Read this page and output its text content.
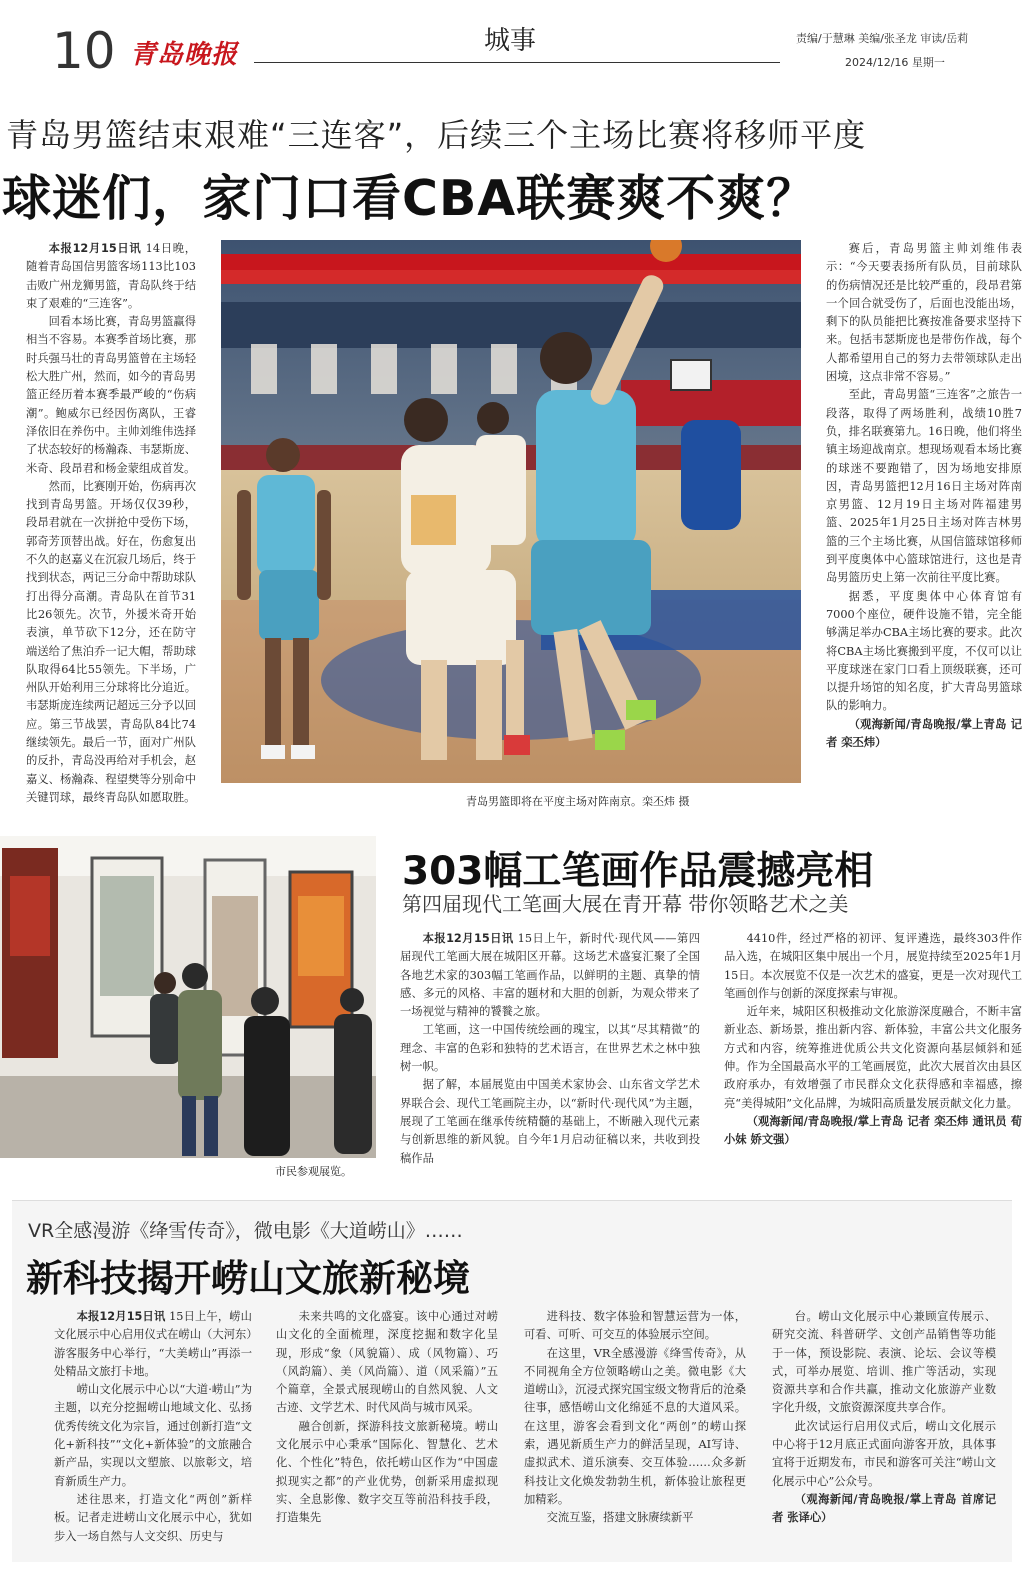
10 青岛晚报	城事	责编/于慧琳 美编/张圣龙 审读/岳莉
2024/12/16 星期一
青岛男篮结束艰难“三连客”，后续三个主场比赛将移师平度
球迷们，家门口看CBA联赛爽不爽？

本报12月15日讯 14日晚，随着青岛国信男篮客场113比103击败广州龙狮男篮，青岛队终于结束了艰难的“三连客”。

回看本场比赛，青岛男篮赢得相当不容易。本赛季首场比赛，那时兵强马壮的青岛男篮曾在主场轻松大胜广州，然而，如今的青岛男篮正经历着本赛季最严峻的“伤病潮”。鲍威尔已经因伤离队，王睿泽依旧在养伤中。主帅刘维伟选择了状态较好的杨瀚森、韦瑟斯庞、米奇、段昂君和杨金蒙组成首发。

然而，比赛刚开始，伤病再次找到青岛男篮。开场仅仅39秒，段昂君就在一次拼抢中受伤下场，郭奇芳顶替出战。好在，伤愈复出不久的赵嘉义在沉寂几场后，终于找到状态，两记三分命中帮助球队打出得分高潮。青岛队在首节31比26领先。次节，外援米奇开始表演，单节砍下12分，还在防守端送给了焦泊乔一记大帽，帮助球队取得64比55领先。下半场，广州队开始利用三分球将比分追近。韦瑟斯庞连续两记超远三分予以回应。第三节战罢，青岛队84比74继续领先。最后一节，面对广州队的反扑，青岛没再给对手机会，赵嘉义、杨瀚森、程望樊等分别命中关键罚球，最终青岛队如愿取胜。	青岛男篮即将在平度主场对阵南京。栾丕炜 摄

赛后，青岛男篮主帅刘维伟表示：“今天要表扬所有队员，目前球队的伤病情况还是比较严重的，段昂君第一个回合就受伤了，后面也没能出场，剩下的队员能把比赛按准备要求坚持下来。包括韦瑟斯庞也是带伤作战，每个人都希望用自己的努力去带领球队走出困境，这点非常不容易。”

至此，青岛男篮“三连客”之旅告一段落，取得了两场胜利，战绩10胜7负，排名联赛第九。16日晚，他们将坐镇主场迎战南京。想现场观看本场比赛的球迷不要跑错了，因为场地安排原因，青岛男篮把12月16日主场对阵南京男篮、12月19日主场对阵福建男篮、2025年1月25日主场对阵吉林男篮的三个主场比赛，从国信篮球馆移师到平度奥体中心篮球馆进行，这也是青岛男篮历史上第一次前往平度比赛。

据悉，平度奥体中心体育馆有7000个座位，硬件设施不错，完全能够满足举办CBA主场比赛的要求。此次将CBA主场比赛搬到平度，不仅可以让平度球迷在家门口看上顶级联赛，还可以提升场馆的知名度，扩大青岛男篮球队的影响力。

（观海新闻/青岛晚报/掌上青岛 记者 栾丕炜）

市民参观展览。
303幅工笔画作品震撼亮相
第四届现代工笔画大展在青开幕 带你领略艺术之美

本报12月15日讯 15日上午，新时代·现代风——第四届现代工笔画大展在城阳区开幕。这场艺术盛宴汇聚了全国各地艺术家的303幅工笔画作品，以鲜明的主题、真挚的情感、多元的风格、丰富的题材和大胆的创新，为观众带来了一场视觉与精神的饕餮之旅。

工笔画，这一中国传统绘画的瑰宝，以其“尽其精微”的理念、丰富的色彩和独特的艺术语言，在世界艺术之林中独树一帜。

据了解，本届展览由中国美术家协会、山东省文学艺术界联合会、现代工笔画院主办，以“新时代·现代风”为主题，展现了工笔画在继承传统精髓的基础上，不断融入现代元素与创新思维的新风貌。自今年1月启动征稿以来，共收到投稿作品

4410件，经过严格的初评、复评遴选，最终303件作品入选，在城阳区集中展出一个月，展览持续至2025年1月15日。本次展览不仅是一次艺术的盛宴，更是一次对现代工笔画创作与创新的深度探索与审视。

近年来，城阳区积极推动文化旅游深度融合，不断丰富新业态、新场景，推出新内容、新体验，丰富公共文化服务方式和内容，统筹推进优质公共文化资源向基层倾斜和延伸。作为全国最高水平的工笔画展览，此次大展首次由县区政府承办，有效增强了市民群众文化获得感和幸福感，擦亮“美得城阳”文化品牌，为城阳高质量发展贡献文化力量。

（观海新闻/青岛晚报/掌上青岛 记者 栾丕炜 通讯员 荀小妹 娇文强）

VR全感漫游《绛雪传奇》，微电影《大道崂山》……
新科技揭开崂山文旅新秘境

本报12月15日讯 15日上午，崂山文化展示中心启用仪式在崂山（大河东）游客服务中心举行，“大美崂山”再添一处精品文旅打卡地。

崂山文化展示中心以“大道·崂山”为主题，以充分挖掘崂山地域文化、弘扬优秀传统文化为宗旨，通过创新打造“文化+新科技”“文化+新体验”的文旅融合新产品，实现以文塑旅、以旅彰文，培育新质生产力。

述往思来，打造文化“两创”新样板。记者走进崂山文化展示中心，犹如步入一场自然与人文交织、历史与

未来共鸣的文化盛宴。该中心通过对崂山文化的全面梳理，深度挖掘和数字化呈现，形成“象（风貌篇）、成（风物篇）、巧（风韵篇）、美（风尚篇）、道（风采篇）”五个篇章，全景式展现崂山的自然风貌、人文古迹、文学艺术、时代风尚与城市风采。

融合创新，探游科技文旅新秘境。崂山文化展示中心秉承“国际化、智慧化、艺术化、个性化”特色，依托崂山区作为“中国虚拟现实之都”的产业优势，创新采用虚拟现实、全息影像、数字交互等前沿科技手段，打造集先

进科技、数字体验和智慧运营为一体，可看、可听、可交互的体验展示空间。

在这里，VR全感漫游《绛雪传奇》，从不同视角全方位领略崂山之美。微电影《大道崂山》，沉浸式探究国宝级文物背后的沧桑往事，感悟崂山文化绵延不息的大道风采。在这里，游客会看到文化“两创”的崂山探索，遇见新质生产力的鲜活呈现，AI写诗、虚拟武术、道乐演奏、交互体验……众多新科技让文化焕发勃勃生机，新体验让旅程更加精彩。

交流互鉴，搭建文脉赓续新平

台。崂山文化展示中心兼顾宣传展示、研究交流、科普研学、文创产品销售等功能于一体，预设影院、表演、论坛、会议等模式，可举办展览、培训、推广等活动，实现资源共享和合作共赢，推动文化旅游产业数字化升级，文旅资源深度共享合作。

此次试运行启用仪式后，崂山文化展示中心将于12月底正式面向游客开放，具体事宜将于近期发布，市民和游客可关注“崂山文化展示中心”公众号。

（观海新闻/青岛晚报/掌上青岛 首席记者 张译心）
